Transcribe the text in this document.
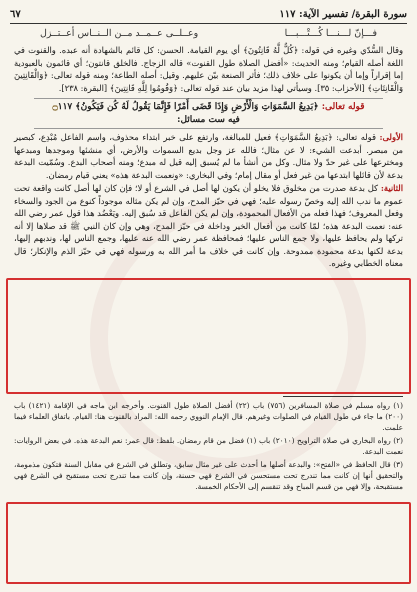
سورة البقرة/ تفسير الآية: ١١٧
٦٧
فـــإنّ لـــنـــا كُـــتْـــبـــا
وعــلــى عــمــد مــن الــنــاس أعــتــزل

وقال السُّدّي وغيره في قوله: ﴿كُلٌّ لَّهُ قَانِتُونَ﴾ أي يوم القيامة. الحسن: كل قائم بالشهادة أنه عبده. والقنوت في اللغة أصله القيام؛ ومنه الحديث: «أفضل الصلاة طول القنوت» قاله الزجاج. فالخلق قانتون؛ أي قائمون بالعبودية إما إقراراً وإما أن يكونوا على خلاف ذلك؛ فأثر الصنعة بيّن عليهم. وقيل: أصله الطاعة؛ ومنه قوله تعالى: ﴿وَالْقَانِتِينَ وَالْقَانِتَاتِ﴾ [الأحزاب: ٣٥]. وسيأتي لهذا مزيد بيان عند قوله تعالى: ﴿وَقُومُوا لِلَّهِ قَانِتِينَ﴾ [البقرة: ٢٣٨].

قوله تعالى: ﴿بَدِيعُ السَّمَوَاتِ وَالْأَرْضِ وَإِذَا قَضَى أَمْرًا فَإِنَّمَا يَقُولُ لَهُ كُن فَيَكُونُ﴾ ۝١١٧
فيه ست مسائل:

الأولى: قوله تعالى: ﴿بَدِيعُ السَّمَوَاتِ﴾ فعيل للمبالغة، وارتفع على خبر ابتداء محذوف، واسم الفاعل مُبْدِع، كبصير من مبصر. أبدعت الشيء: لا عن مثال؛ فالله عز وجل بديع السموات والأرض، أي منشئها وموجدها ومبدعها ومخترعها على غير حدّ ولا مثال. وكل من أنشأ ما لم يُسبق إليه قيل له مبدع؛ ومنه أصحاب البدع. وسُمّيت البدعة بدعة لأن قائلها ابتدعها من غير فعل أو مقال إمام؛ وفي البخاري: «ونعمت البدعة هذه» يعني قيام رمضان.

الثانية: كل بدعة صدرت من مخلوق فلا يخلو أن يكون لها أصل في الشرع أو لا؛ فإن كان لها أصل كانت واقعة تحت عموم ما ندب الله إليه وخصّ رسوله عليه؛ فهي في حيّز المدح، وإن لم يكن مثاله موجوداً كنوع من الجود والسخاء وفعل المعروف؛ فهذا فعله من الأفعال المحمودة، وإن لم يكن الفاعل قد سُبق إليه. ويَعْضُد هذا قول عمر رضي الله عنه: نعمت البدعة هذه؛ لمّا كانت من أفعال الخير وداخلة في حيّز المدح، وهي وإن كان النبي ﷺ قد صلاها إلا أنه تركها ولم يحافظ عليها، ولا جمع الناس عليها؛ فمحافظة عمر رضي الله عنه عليها، وجمع الناس لها، وندبهم إليها، بدعة لكنها بدعة محمودة ممدوحة. وإن كانت في خلاف ما أمر الله به ورسوله فهي في حيّز الذم والإنكار؛ قال معناه الخطابي وغيره.

(١) رواه مسلم في صلاة المسافرين (٧٥٦) باب (٢٢) أفضل الصلاة طول القنوت. وأخرجه ابن ماجه في الإقامة (١٤٢١) باب (٢٠٠) ما جاء في طول القيام في الصلوات وغيرهم. قال الإمام النووي رحمه الله: المراد بالقنوت هنا: القيام. باتفاق العلماء فيما علمت.

(٢) رواه البخاري في صلاة التراويح (٢٠١٠) باب (١) فضل من قام رمضان. بلفظ: قال عمر: نعم البدعة هذه. في بعض الروايات: نعمت البدعة.

(٣) قال الحافظ في «الفتح»: والبدعة أصلها ما أحدث على غير مثال سابق، وتطلق في الشرع في مقابل السنة فتكون مذمومة، والتحقيق أنها إن كانت مما تندرج تحت مستحسن في الشرع فهي حسنة، وإن كانت مما تندرج تحت مستقبح في الشرع فهي مستقبحة، وإلا فهي من قسم المباح وقد تنقسم إلى الأحكام الخمسة.
